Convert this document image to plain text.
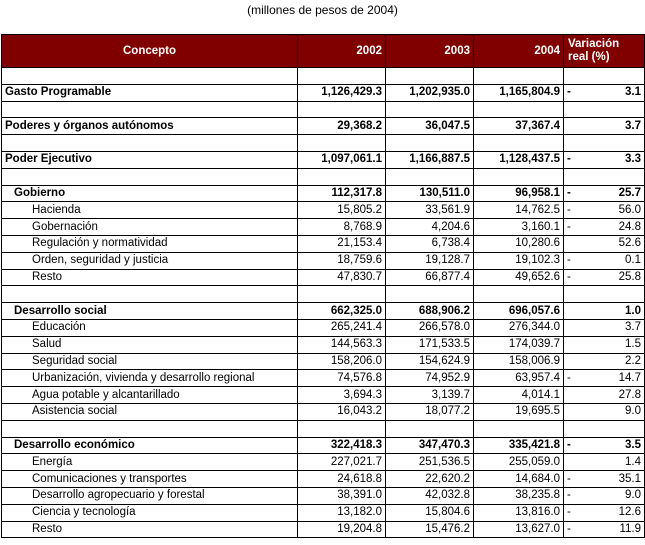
(millones de pesos de 2004)
Concepto	2002	2003	2004	Variación
real (%)	

Gasto Programable	1,126,429.3	1,202,935.0	1,165,804.9	-	3.1

Poderes y órganos autónomos	29,368.2	36,047.5	37,367.4		3.7

Poder Ejecutivo	1,097,061.1	1,166,887.5	1,128,437.5	-	3.3

Gobierno	112,317.8	130,511.0	96,958.1	-	25.7
Hacienda	15,805.2	33,561.9	14,762.5	-	56.0
Gobernación	8,768.9	4,204.6	3,160.1	-	24.8
Regulación y normatividad	21,153.4	6,738.4	10,280.6		52.6
Orden, seguridad y justicia	18,759.6	19,128.7	19,102.3	-	0.1
Resto	47,830.7	66,877.4	49,652.6	-	25.8

Desarrollo social	662,325.0	688,906.2	696,057.6		1.0
Educación	265,241.4	266,578.0	276,344.0		3.7
Salud	144,563.3	171,533.5	174,039.7		1.5
Seguridad social	158,206.0	154,624.9	158,006.9		2.2
Urbanización, vivienda y desarrollo regional	74,576.8	74,952.9	63,957.4	-	14.7
Agua potable y alcantarillado	3,694.3	3,139.7	4,014.1		27.8
Asistencia social	16,043.2	18,077.2	19,695.5		9.0

Desarrollo económico	322,418.3	347,470.3	335,421.8	-	3.5
Energía	227,021.7	251,536.5	255,059.0		1.4
Comunicaciones y transportes	24,618.8	22,620.2	14,684.0	-	35.1
Desarrollo agropecuario y forestal	38,391.0	42,032.8	38,235.8	-	9.0
Ciencia y tecnología	13,182.0	15,804.6	13,816.0	-	12.6
Resto	19,204.8	15,476.2	13,627.0	-	11.9
